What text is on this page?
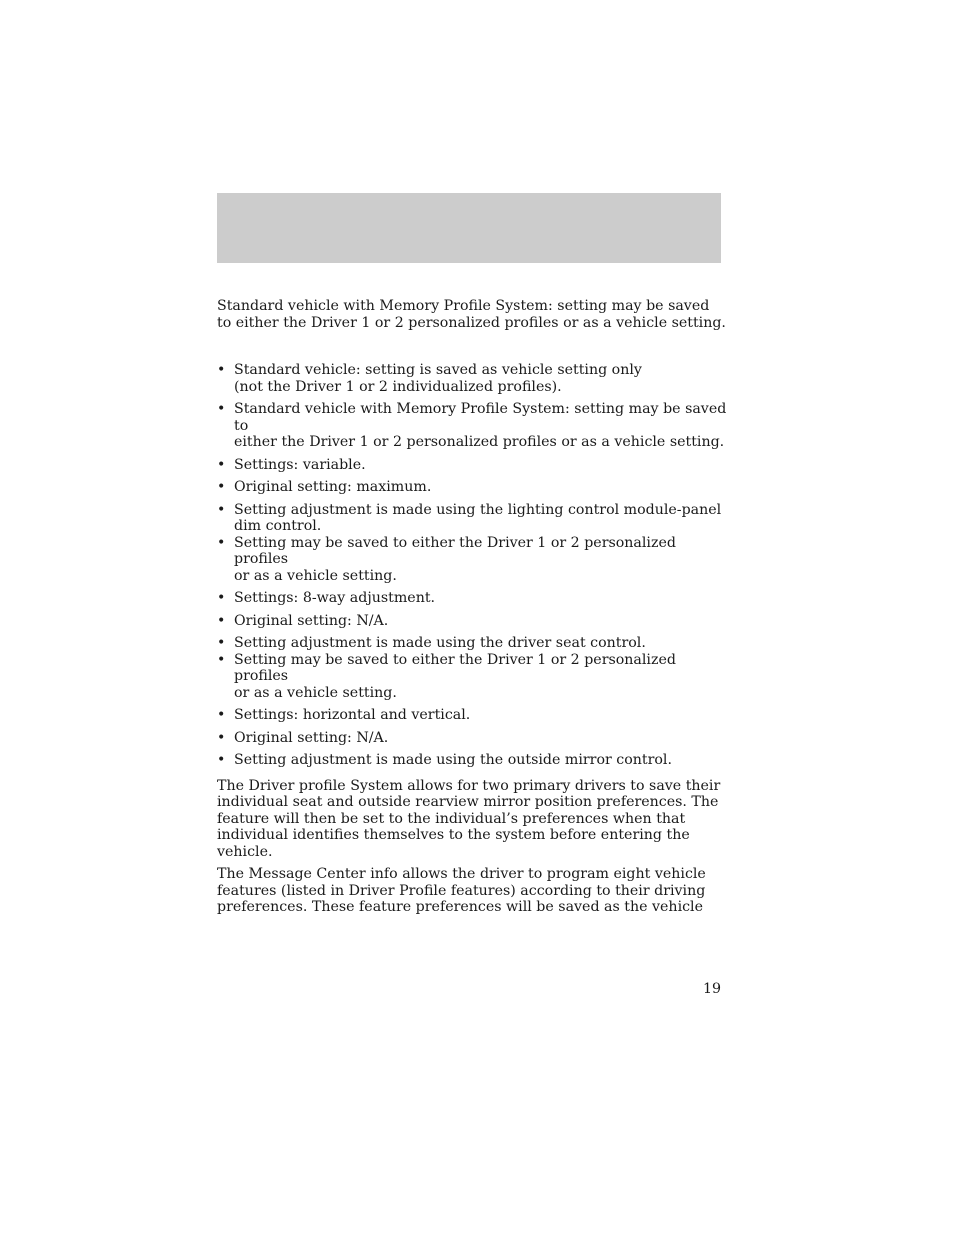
Standard vehicle with Memory Profile System: setting may be saved to either the Driver 1 or 2 personalized profiles or as a vehicle setting.

• Standard vehicle: setting is saved as vehicle setting only
(not the Driver 1 or 2 individualized profiles).
• Standard vehicle with Memory Profile System: setting may be saved to
either the Driver 1 or 2 personalized profiles or as a vehicle setting.
• Settings: variable.
• Original setting: maximum.
• Setting adjustment is made using the lighting control module-panel
dim control.
• Setting may be saved to either the Driver 1 or 2 personalized profiles
or as a vehicle setting.
• Settings: 8-way adjustment.
• Original setting: N/A.
• Setting adjustment is made using the driver seat control.
• Setting may be saved to either the Driver 1 or 2 personalized profiles
or as a vehicle setting.
• Settings: horizontal and vertical.
• Original setting: N/A.
• Setting adjustment is made using the outside mirror control.

The Driver profile System allows for two primary drivers to save their
individual seat and outside rearview mirror position preferences. The
feature will then be set to the individual’s preferences when that
individual identifies themselves to the system before entering the vehicle.

The Message Center info allows the driver to program eight vehicle
features (listed in Driver Profile features) according to their driving
preferences. These feature preferences will be saved as the vehicle

19
